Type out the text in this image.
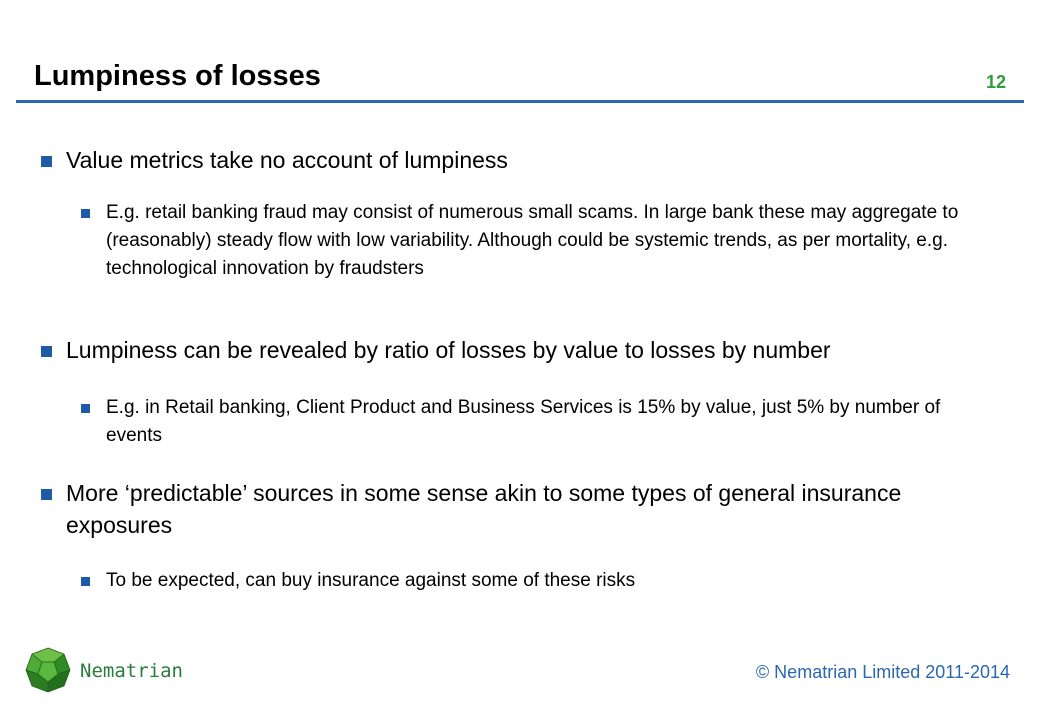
Lumpiness of losses	12
Value metrics take no account of lumpiness
E.g. retail banking fraud may consist of numerous small scams. In large bank these may aggregate to (reasonably) steady flow with low variability. Although could be systemic trends, as per mortality, e.g. technological innovation by fraudsters
Lumpiness can be revealed by ratio of losses by value to losses by number
E.g. in Retail banking, Client Product and Business Services is 15% by value, just 5% by number of events
More ‘predictable’ sources in some sense akin to some types of general insurance exposures
To be expected, can buy insurance against some of these risks
Nematrian	© Nematrian Limited 2011-2014
